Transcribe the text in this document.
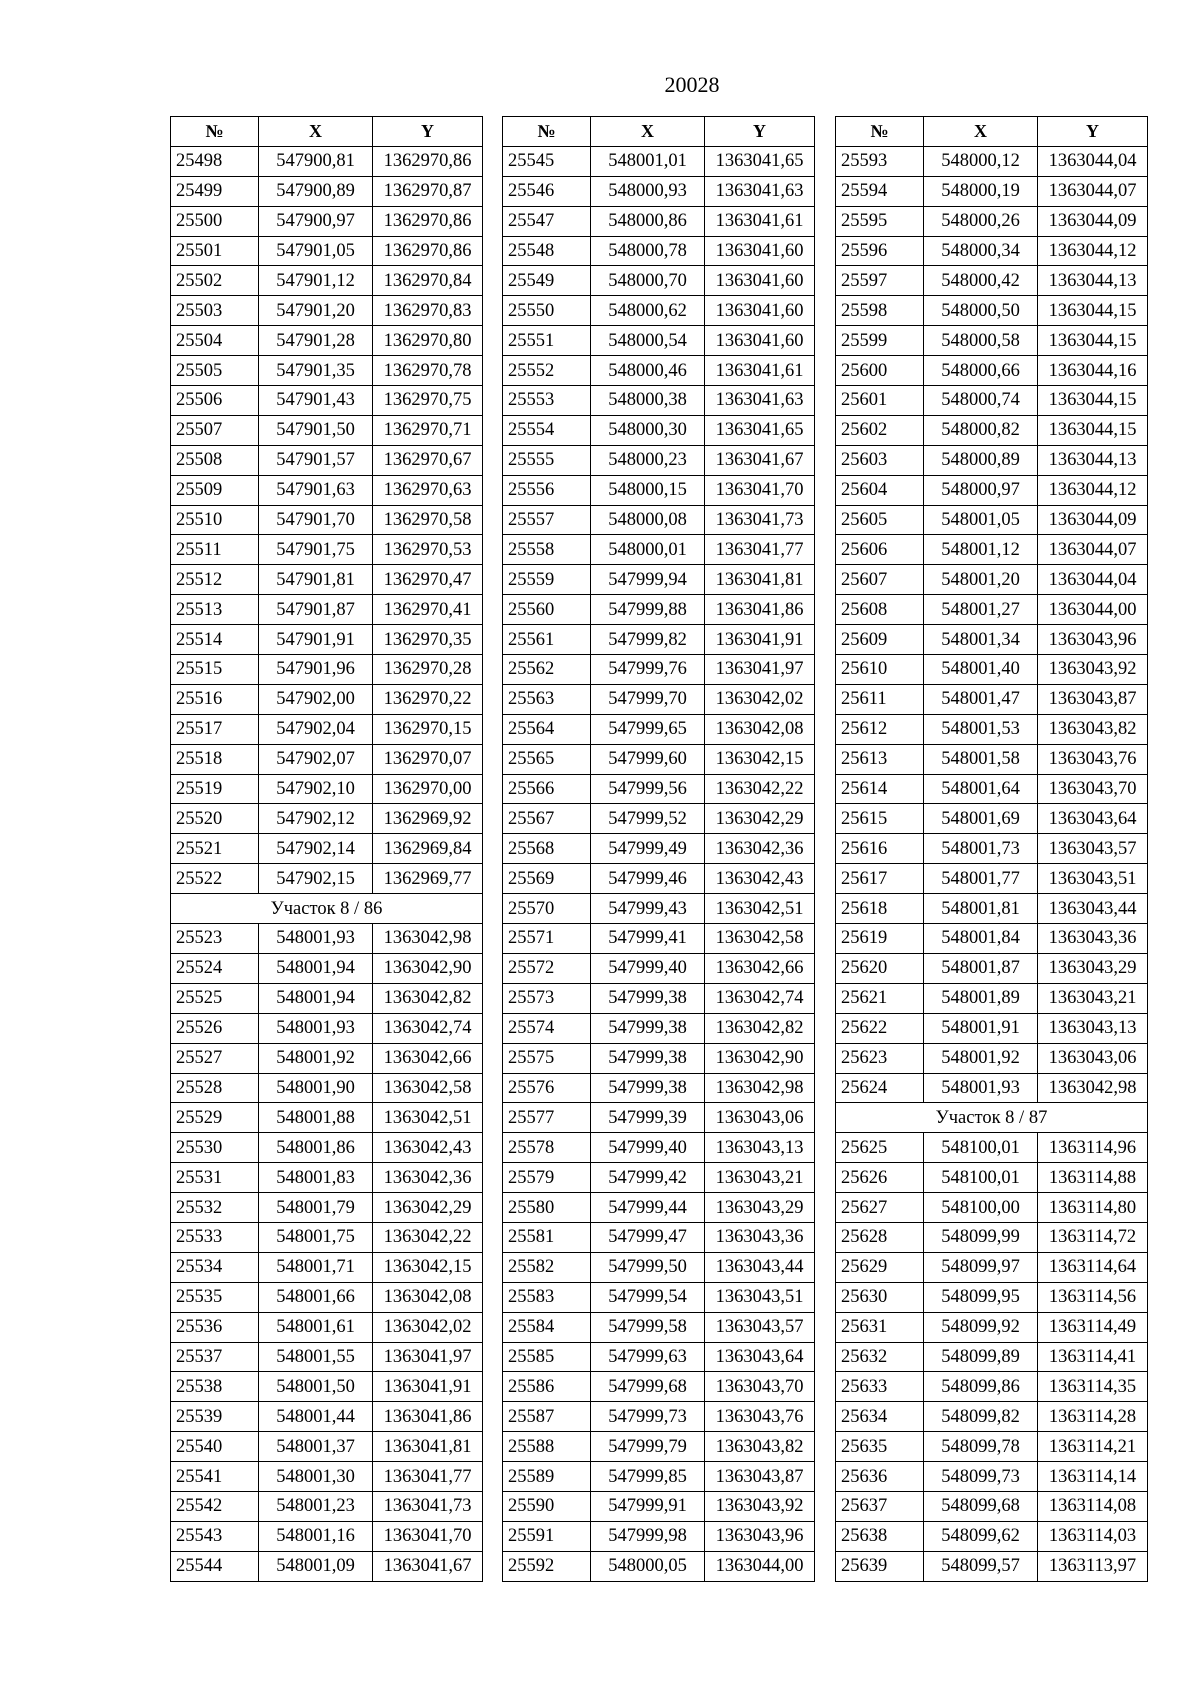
20028
№	X	Y
25498	547900,81	1362970,86
25499	547900,89	1362970,87
25500	547900,97	1362970,86
25501	547901,05	1362970,86
25502	547901,12	1362970,84
25503	547901,20	1362970,83
25504	547901,28	1362970,80
25505	547901,35	1362970,78
25506	547901,43	1362970,75
25507	547901,50	1362970,71
25508	547901,57	1362970,67
25509	547901,63	1362970,63
25510	547901,70	1362970,58
25511	547901,75	1362970,53
25512	547901,81	1362970,47
25513	547901,87	1362970,41
25514	547901,91	1362970,35
25515	547901,96	1362970,28
25516	547902,00	1362970,22
25517	547902,04	1362970,15
25518	547902,07	1362970,07
25519	547902,10	1362970,00
25520	547902,12	1362969,92
25521	547902,14	1362969,84
25522	547902,15	1362969,77
Участок 8 / 86		
25523	548001,93	1363042,98
25524	548001,94	1363042,90
25525	548001,94	1363042,82
25526	548001,93	1363042,74
25527	548001,92	1363042,66
25528	548001,90	1363042,58
25529	548001,88	1363042,51
25530	548001,86	1363042,43
25531	548001,83	1363042,36
25532	548001,79	1363042,29
25533	548001,75	1363042,22
25534	548001,71	1363042,15
25535	548001,66	1363042,08
25536	548001,61	1363042,02
25537	548001,55	1363041,97
25538	548001,50	1363041,91
25539	548001,44	1363041,86
25540	548001,37	1363041,81
25541	548001,30	1363041,77
25542	548001,23	1363041,73
25543	548001,16	1363041,70
25544	548001,09	1363041,67
№	X	Y
25545	548001,01	1363041,65
25546	548000,93	1363041,63
25547	548000,86	1363041,61
25548	548000,78	1363041,60
25549	548000,70	1363041,60
25550	548000,62	1363041,60
25551	548000,54	1363041,60
25552	548000,46	1363041,61
25553	548000,38	1363041,63
25554	548000,30	1363041,65
25555	548000,23	1363041,67
25556	548000,15	1363041,70
25557	548000,08	1363041,73
25558	548000,01	1363041,77
25559	547999,94	1363041,81
25560	547999,88	1363041,86
25561	547999,82	1363041,91
25562	547999,76	1363041,97
25563	547999,70	1363042,02
25564	547999,65	1363042,08
25565	547999,60	1363042,15
25566	547999,56	1363042,22
25567	547999,52	1363042,29
25568	547999,49	1363042,36
25569	547999,46	1363042,43
25570	547999,43	1363042,51
25571	547999,41	1363042,58
25572	547999,40	1363042,66
25573	547999,38	1363042,74
25574	547999,38	1363042,82
25575	547999,38	1363042,90
25576	547999,38	1363042,98
25577	547999,39	1363043,06
25578	547999,40	1363043,13
25579	547999,42	1363043,21
25580	547999,44	1363043,29
25581	547999,47	1363043,36
25582	547999,50	1363043,44
25583	547999,54	1363043,51
25584	547999,58	1363043,57
25585	547999,63	1363043,64
25586	547999,68	1363043,70
25587	547999,73	1363043,76
25588	547999,79	1363043,82
25589	547999,85	1363043,87
25590	547999,91	1363043,92
25591	547999,98	1363043,96
25592	548000,05	1363044,00
№	X	Y
25593	548000,12	1363044,04
25594	548000,19	1363044,07
25595	548000,26	1363044,09
25596	548000,34	1363044,12
25597	548000,42	1363044,13
25598	548000,50	1363044,15
25599	548000,58	1363044,15
25600	548000,66	1363044,16
25601	548000,74	1363044,15
25602	548000,82	1363044,15
25603	548000,89	1363044,13
25604	548000,97	1363044,12
25605	548001,05	1363044,09
25606	548001,12	1363044,07
25607	548001,20	1363044,04
25608	548001,27	1363044,00
25609	548001,34	1363043,96
25610	548001,40	1363043,92
25611	548001,47	1363043,87
25612	548001,53	1363043,82
25613	548001,58	1363043,76
25614	548001,64	1363043,70
25615	548001,69	1363043,64
25616	548001,73	1363043,57
25617	548001,77	1363043,51
25618	548001,81	1363043,44
25619	548001,84	1363043,36
25620	548001,87	1363043,29
25621	548001,89	1363043,21
25622	548001,91	1363043,13
25623	548001,92	1363043,06
25624	548001,93	1363042,98
Участок 8 / 87		
25625	548100,01	1363114,96
25626	548100,01	1363114,88
25627	548100,00	1363114,80
25628	548099,99	1363114,72
25629	548099,97	1363114,64
25630	548099,95	1363114,56
25631	548099,92	1363114,49
25632	548099,89	1363114,41
25633	548099,86	1363114,35
25634	548099,82	1363114,28
25635	548099,78	1363114,21
25636	548099,73	1363114,14
25637	548099,68	1363114,08
25638	548099,62	1363114,03
25639	548099,57	1363113,97
